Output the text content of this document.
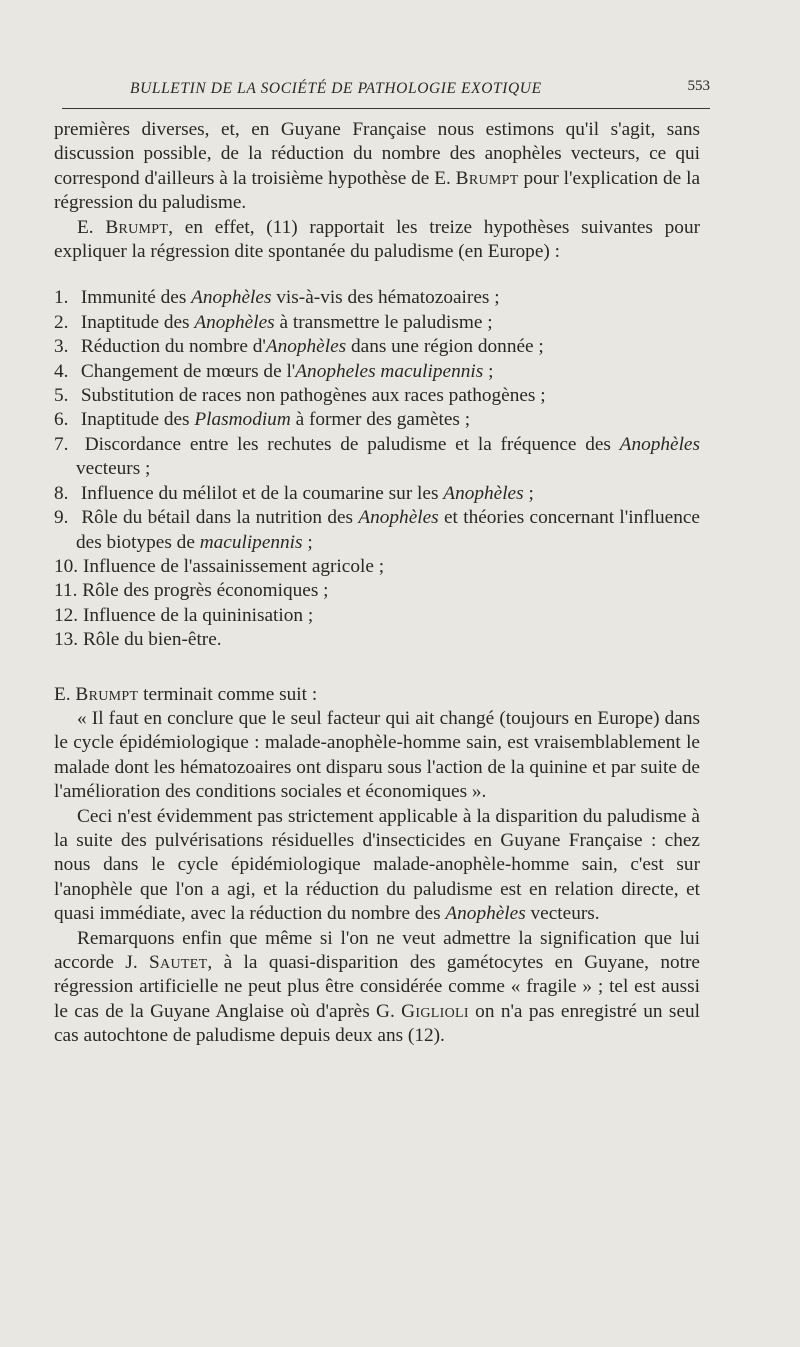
BULLETIN DE LA SOCIÉTÉ DE PATHOLOGIE EXOTIQUE	553

premières diverses, et, en Guyane Française nous estimons qu'il s'agit, sans discussion possible, de la réduction du nombre des anophèles vecteurs, ce qui correspond d'ailleurs à la troisième hypothèse de E. Brumpt pour l'explication de la régression du paludisme.

E. Brumpt, en effet, (11) rapportait les treize hypothèses suivantes pour expliquer la régression dite spontanée du paludisme (en Europe) :

1. Immunité des Anophèles vis-à-vis des hématozoaires ;

2. Inaptitude des Anophèles à transmettre le paludisme ;

3. Réduction du nombre d'Anophèles dans une région donnée ;

4. Changement de mœurs de l'Anopheles maculipennis ;

5. Substitution de races non pathogènes aux races pathogènes ;

6. Inaptitude des Plasmodium à former des gamètes ;

7. Discordance entre les rechutes de paludisme et la fréquence des Anophèles vecteurs ;

8. Influence du mélilot et de la coumarine sur les Anophèles ;

9. Rôle du bétail dans la nutrition des Anophèles et théories concernant l'influence des biotypes de maculipennis ;

10. Influence de l'assainissement agricole ;

11. Rôle des progrès économiques ;

12. Influence de la quininisation ;

13. Rôle du bien-être.

E. Brumpt terminait comme suit :

« Il faut en conclure que le seul facteur qui ait changé (toujours en Europe) dans le cycle épidémiologique : malade-anophèle-homme sain, est vraisemblablement le malade dont les hématozoaires ont disparu sous l'action de la quinine et par suite de l'amélioration des conditions sociales et économiques ».

Ceci n'est évidemment pas strictement applicable à la disparition du paludisme à la suite des pulvérisations résiduelles d'insecticides en Guyane Française : chez nous dans le cycle épidémiologique malade-anophèle-homme sain, c'est sur l'anophèle que l'on a agi, et la réduction du paludisme est en relation directe, et quasi immédiate, avec la réduction du nombre des Anophèles vecteurs.

Remarquons enfin que même si l'on ne veut admettre la signification que lui accorde J. Sautet, à la quasi-disparition des gamétocytes en Guyane, notre régression artificielle ne peut plus être considérée comme « fragile » ; tel est aussi le cas de la Guyane Anglaise où d'après G. Giglioli on n'a pas enregistré un seul cas autochtone de paludisme depuis deux ans (12).
